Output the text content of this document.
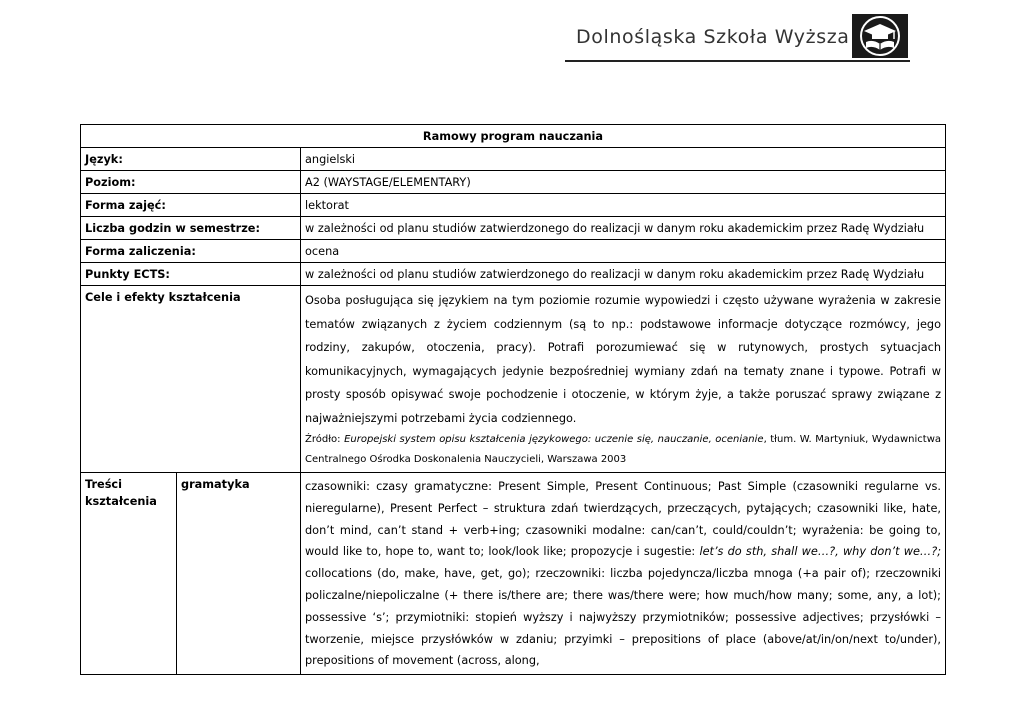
Dolnośląska Szkoła Wyższa
Ramowy program nauczania		
Język:		angielski
Poziom:		A2 (WAYSTAGE/ELEMENTARY)
Forma zajęć:		lektorat
Liczba godzin w semestrze:		w zależności od planu studiów zatwierdzonego do realizacji w danym roku akademickim przez Radę Wydziału
Forma zaliczenia:		ocena
Punkty ECTS:		w zależności od planu studiów zatwierdzonego do realizacji w danym roku akademickim przez Radę Wydziału
Cele i efekty kształcenia		Osoba posługująca się językiem na tym poziomie rozumie wypowiedzi i często używane wyrażenia w zakresie tematów związanych z życiem codziennym (są to np.: podstawowe informacje dotyczące rozmówcy, jego rodziny, zakupów, otoczenia, pracy). Potrafi porozumiewać się w rutynowych, prostych sytuacjach komunikacyjnych, wymagających jedynie bezpośredniej wymiany zdań na tematy znane i typowe. Potrafi w prosty sposób opisywać swoje pochodzenie i otoczenie, w którym żyje, a także poruszać sprawy związane z najważniejszymi potrzebami życia codziennego.
Źródło: Europejski system opisu kształcenia językowego: uczenie się, nauczanie, ocenianie, tłum. W. Martyniuk, Wydawnictwa Centralnego Ośrodka Doskonalenia Nauczycieli, Warszawa 2003

Treści
kształcenia	gramatyka	czasowniki: czasy gramatyczne: Present Simple, Present Continuous; Past Simple (czasowniki regularne vs. nieregularne), Present Perfect – struktura zdań twierdzących, przeczących, pytających; czasowniki like, hate, don’t mind, can’t stand + verb+ing; czasowniki modalne: can/can’t, could/couldn’t; wyrażenia: be going to, would like to, hope to, want to; look/look like; propozycje i sugestie: let’s do sth, shall we…?, why don’t we…?; collocations (do, make, have, get, go); rzeczowniki: liczba pojedyncza/liczba mnoga (+a pair of); rzeczowniki policzalne/niepoliczalne (+ there is/there are; there was/there were; how much/how many; some, any, a lot); possessive ‘s’; przymiotniki: stopień wyższy i najwyższy przymiotników; possessive adjectives; przysłówki – tworzenie, miejsce przysłówków w zdaniu; przyimki – prepositions of place (above/at/in/on/next to/under), prepositions of movement (across, along,
